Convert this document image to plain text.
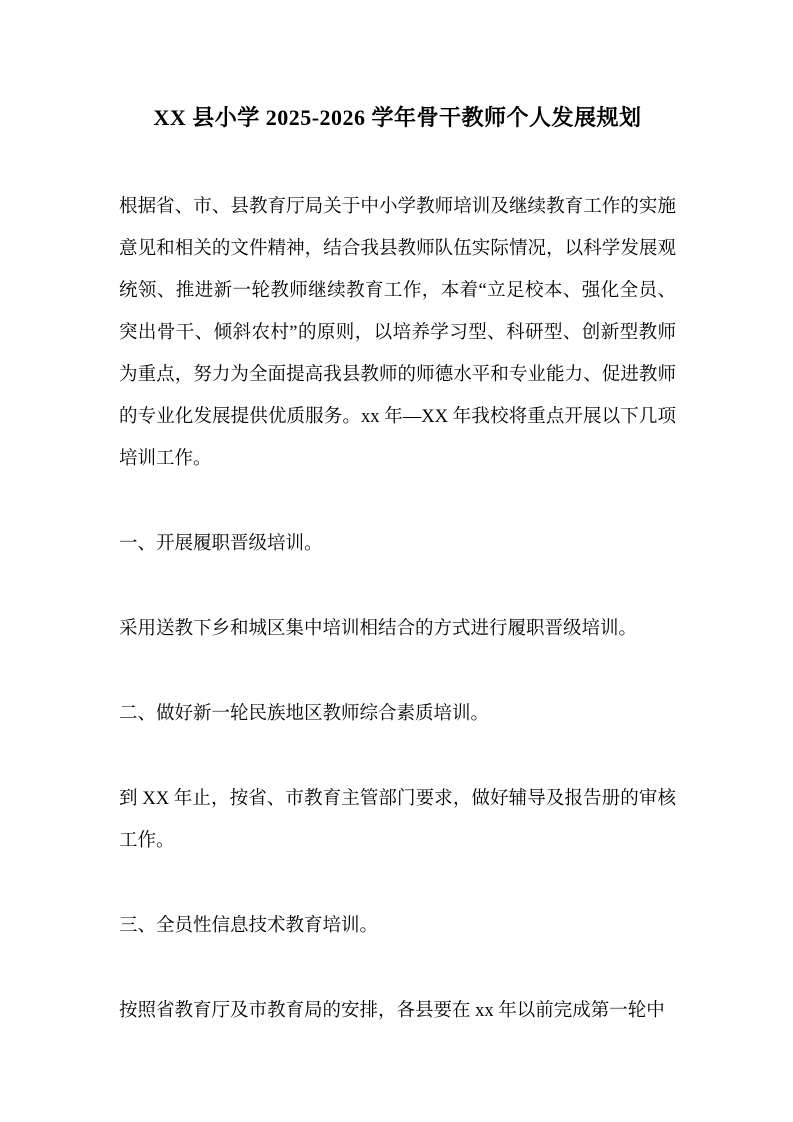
XX 县小学 2025-2026 学年骨干教师个人发展规划

根据省、市、县教育厅局关于中小学教师培训及继续教育工作的实施意见和相关的文件精神，结合我县教师队伍实际情况，以科学发展观统领、推进新一轮教师继续教育工作，本着“立足校本、强化全员、突出骨干、倾斜农村”的原则，以培养学习型、科研型、创新型教师为重点，努力为全面提高我县教师的师德水平和专业能力、促进教师的专业化发展提供优质服务。xx 年—XX 年我校将重点开展以下几项培训工作。

一、开展履职晋级培训。

采用送教下乡和城区集中培训相结合的方式进行履职晋级培训。

二、做好新一轮民族地区教师综合素质培训。

到 XX 年止，按省、市教育主管部门要求，做好辅导及报告册的审核工作。

三、全员性信息技术教育培训。

按照省教育厅及市教育局的安排，各县要在 xx 年以前完成第一轮中
